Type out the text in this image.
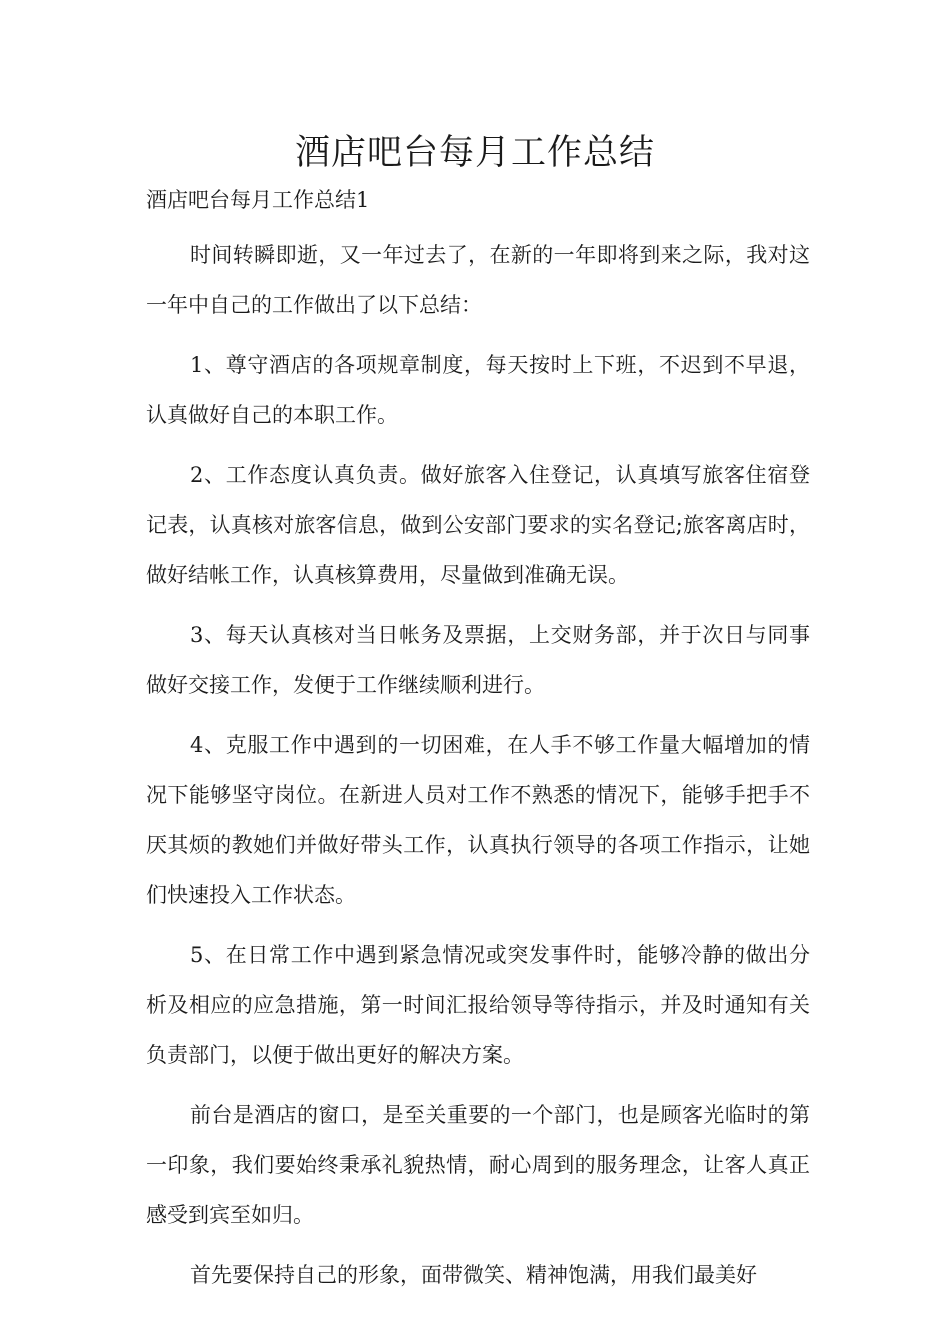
酒店吧台每月工作总结

酒店吧台每月工作总结1

时间转瞬即逝，又一年过去了，在新的一年即将到来之际，我对这一年中自己的工作做出了以下总结：

1、尊守酒店的各项规章制度，每天按时上下班，不迟到不早退，认真做好自己的本职工作。

2、工作态度认真负责。做好旅客入住登记，认真填写旅客住宿登记表，认真核对旅客信息，做到公安部门要求的实名登记;旅客离店时，做好结帐工作，认真核算费用，尽量做到准确无误。

3、每天认真核对当日帐务及票据，上交财务部，并于次日与同事做好交接工作，发便于工作继续顺利进行。

4、克服工作中遇到的一切困难，在人手不够工作量大幅增加的情况下能够坚守岗位。在新进人员对工作不熟悉的情况下，能够手把手不厌其烦的教她们并做好带头工作，认真执行领导的各项工作指示，让她们快速投入工作状态。

5、在日常工作中遇到紧急情况或突发事件时，能够冷静的做出分析及相应的应急措施，第一时间汇报给领导等待指示，并及时通知有关负责部门，以便于做出更好的解决方案。

前台是酒店的窗口，是至关重要的一个部门，也是顾客光临时的第一印象，我们要始终秉承礼貌热情，耐心周到的服务理念，让客人真正感受到宾至如归。

首先要保持自己的形象，面带微笑、精神饱满，用我们最美好
